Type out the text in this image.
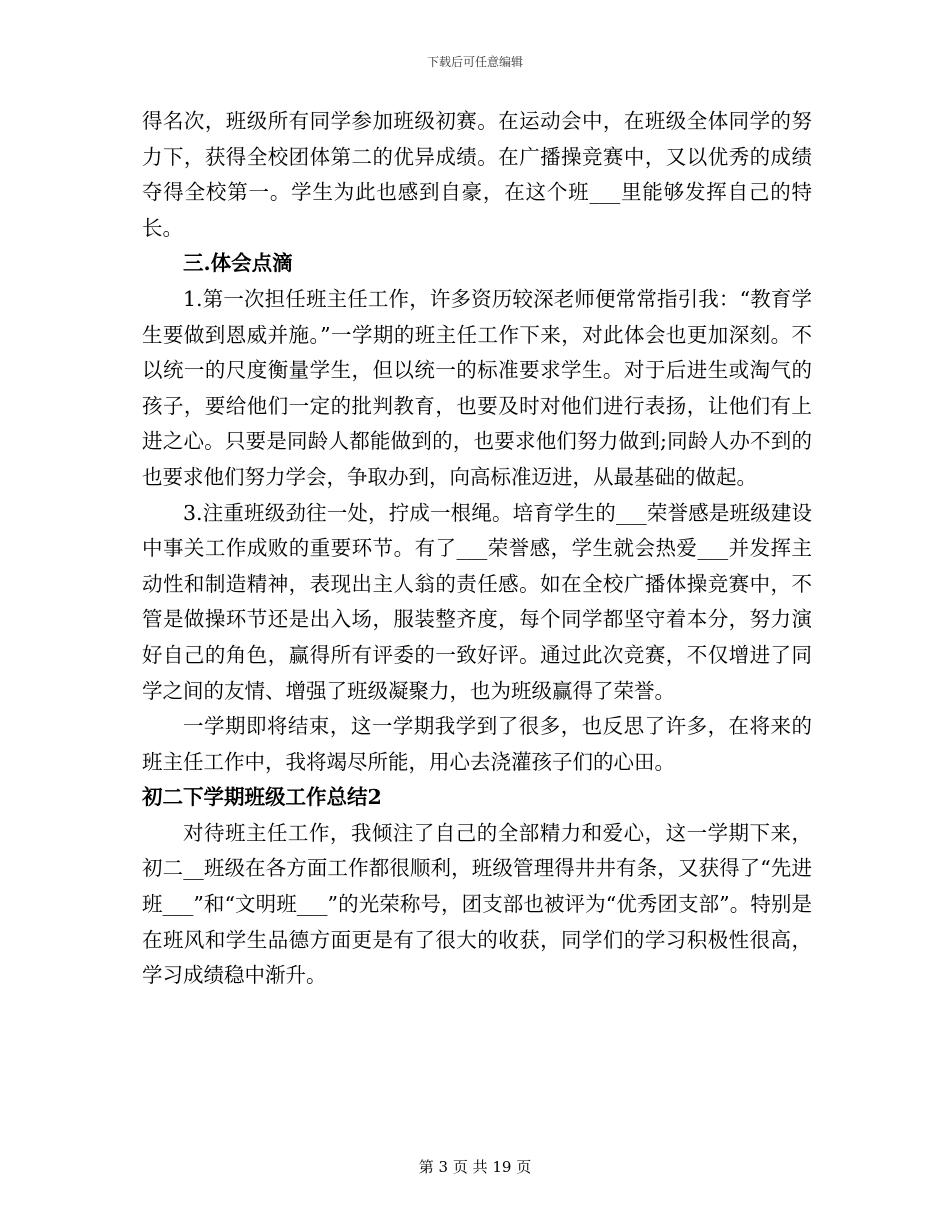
下载后可任意编辑

得名次，班级所有同学参加班级初赛。在运动会中，在班级全体同学的努力下，获得全校团体第二的优异成绩。在广播操竞赛中，又以优秀的成绩夺得全校第一。学生为此也感到自豪，在这个班___里能够发挥自己的特长。

三.体会点滴

1.第一次担任班主任工作，许多资历较深老师便常常指引我：“教育学生要做到恩威并施。”一学期的班主任工作下来，对此体会也更加深刻。不以统一的尺度衡量学生，但以统一的标准要求学生。对于后进生或淘气的孩子，要给他们一定的批判教育，也要及时对他们进行表扬，让他们有上进之心。只要是同龄人都能做到的，也要求他们努力做到;同龄人办不到的也要求他们努力学会，争取办到，向高标准迈进，从最基础的做起。

3.注重班级劲往一处，拧成一根绳。培育学生的___荣誉感是班级建设中事关工作成败的重要环节。有了___荣誉感，学生就会热爱___并发挥主动性和制造精神，表现出主人翁的责任感。如在全校广播体操竞赛中，不管是做操环节还是出入场，服装整齐度，每个同学都坚守着本分，努力演好自己的角色，赢得所有评委的一致好评。通过此次竞赛，不仅增进了同学之间的友情、增强了班级凝聚力，也为班级赢得了荣誉。

一学期即将结束，这一学期我学到了很多，也反思了许多，在将来的班主任工作中，我将竭尽所能，用心去浇灌孩子们的心田。

初二下学期班级工作总结2

对待班主任工作，我倾注了自己的全部精力和爱心，这一学期下来，初二__班级在各方面工作都很顺利，班级管理得井井有条，又获得了“先进班___”和“文明班___”的光荣称号，团支部也被评为“优秀团支部”。特别是在班风和学生品德方面更是有了很大的收获，同学们的学习积极性很高，学习成绩稳中渐升。

第 3 页 共 19 页
